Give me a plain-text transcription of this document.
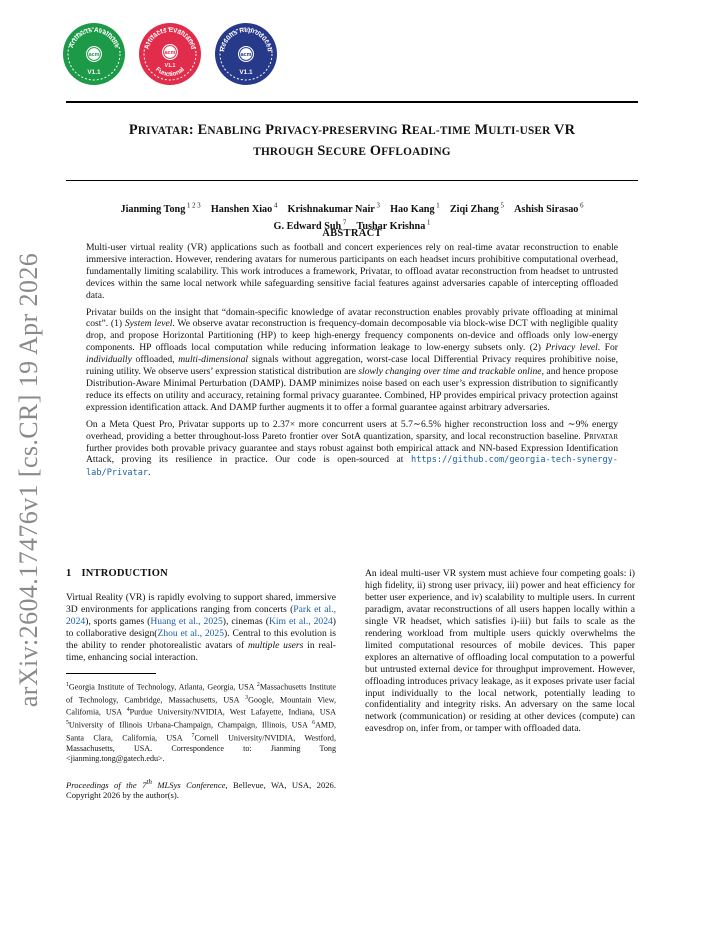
Artifacts Available
acm
V1.1
Artifacts Evaluated
acm
V1.1
Functional
Results Reproduced
acm
V1.1
arXiv:2604.17476v1 [cs.CR] 19 Apr 2026
PRIVATAR: ENABLING PRIVACY-PRESERVING REAL-TIME MULTI-USER VR
THROUGH SECURE OFFLOADING
Jianming Tong $^{1 2 3}$  Hanshen Xiao $^4$  Krishnakumar Nair $^3$  Hao Kang $^1$  Ziqi Zhang $^5$  Ashish Sirasao $^6$
G. Edward Suh $^7$  Tushar Krishna $^1$
ABSTRACT

Multi-user virtual reality (VR) applications such as football and concert experiences rely on real-time avatar reconstruction to enable immersive interaction. However, rendering avatars for numerous participants on each headset incurs prohibitive computational overhead, fundamentally limiting scalability. This work introduces a framework, Privatar, to offload avatar reconstruction from headset to untrusted devices within the same local network while safeguarding sensitive facial features against adversaries capable of intercepting offloaded data.

Privatar builds on the insight that “domain-specific knowledge of avatar reconstruction enables provably private offloading at minimal cost”. (1) System level. We observe avatar reconstruction is frequency-domain decomposable via block-wise DCT with negligible quality drop, and propose Horizontal Partitioning (HP) to keep high-energy frequency components on-device and offloads only low-energy components. HP offloads local computation while reducing information leakage to low-energy subsets only. (2) Privacy level. For individually offloaded, multi-dimensional signals without aggregation, worst-case local Differential Privacy requires prohibitive noise, ruining utility. We observe users’ expression statistical distribution are slowly changing over time and trackable online, and hence propose Distribution-Aware Minimal Perturbation (DAMP). DAMP minimizes noise based on each user’s expression distribution to significantly reduce its effects on utility and accuracy, retaining formal privacy guarantee. Combined, HP provides empirical privacy protection against expression identification attack. And DAMP further augments it to offer a formal guarantee against arbitrary adversaries.

On a Meta Quest Pro, Privatar supports up to 2.37× more concurrent users at 5.7∼6.5% higher reconstruction loss and ∼9% energy overhead, providing a better throughout-loss Pareto frontier over SotA quantization, sparsity, and local reconstruction baseline. Privatar further provides both provable privacy guarantee and stays robust against both empirical attack and NN-based Expression Identification Attack, proving its resilience in practice. Our code is open-sourced at https://github.com/georgia-tech-synergy-lab/Privatar.

1 INTRODUCTION

Virtual Reality (VR) is rapidly evolving to support shared, immersive 3D environments for applications ranging from concerts (Park et al., 2024), sports games (Huang et al., 2025), cinemas (Kim et al., 2024) to collaborative design(Zhou et al., 2025). Central to this evolution is the ability to render photorealistic avatars of multiple users in real-time, enhancing social interaction.

$^1$Georgia Institute of Technology, Atlanta, Georgia, USA $^2$Massachusetts Institute of Technology, Cambridge, Massachusetts, USA $^3$Google, Mountain View, California, USA $^4$Purdue University/NVIDIA, West Lafayette, Indiana, USA $^5$University of Illinois Urbana-Champaign, Champaign, Illinois, USA $^6$AMD, Santa Clara, California, USA $^7$Cornell University/NVIDIA, Westford, Massachusetts, USA. Correspondence to: Jianming Tong <jianming.tong@gatech.edu>.
Proceedings of the 7th MLSys Conference, Bellevue, WA, USA, 2026. Copyright 2026 by the author(s).

An ideal multi-user VR system must achieve four competing goals: i) high fidelity, ii) strong user privacy, iii) power and heat efficiency for better user experience, and iv) scalability to multiple users. In current paradigm, avatar reconstructions of all users happen locally within a single VR headset, which satisfies i)-iii) but fails to scale as the rendering workload from multiple users quickly overwhelms the limited computational resources of mobile devices. This paper explores an alternative of offloading local computation to a powerful but untrusted external device for throughput improvement. However, offloading introduces privacy leakage, as it exposes private user facial input individually to the local network, potentially leading to confidentiality and integrity risks. An adversary on the same local network (communication) or residing at other devices (compute) can eavesdrop on, infer from, or tamper with offloaded data.
